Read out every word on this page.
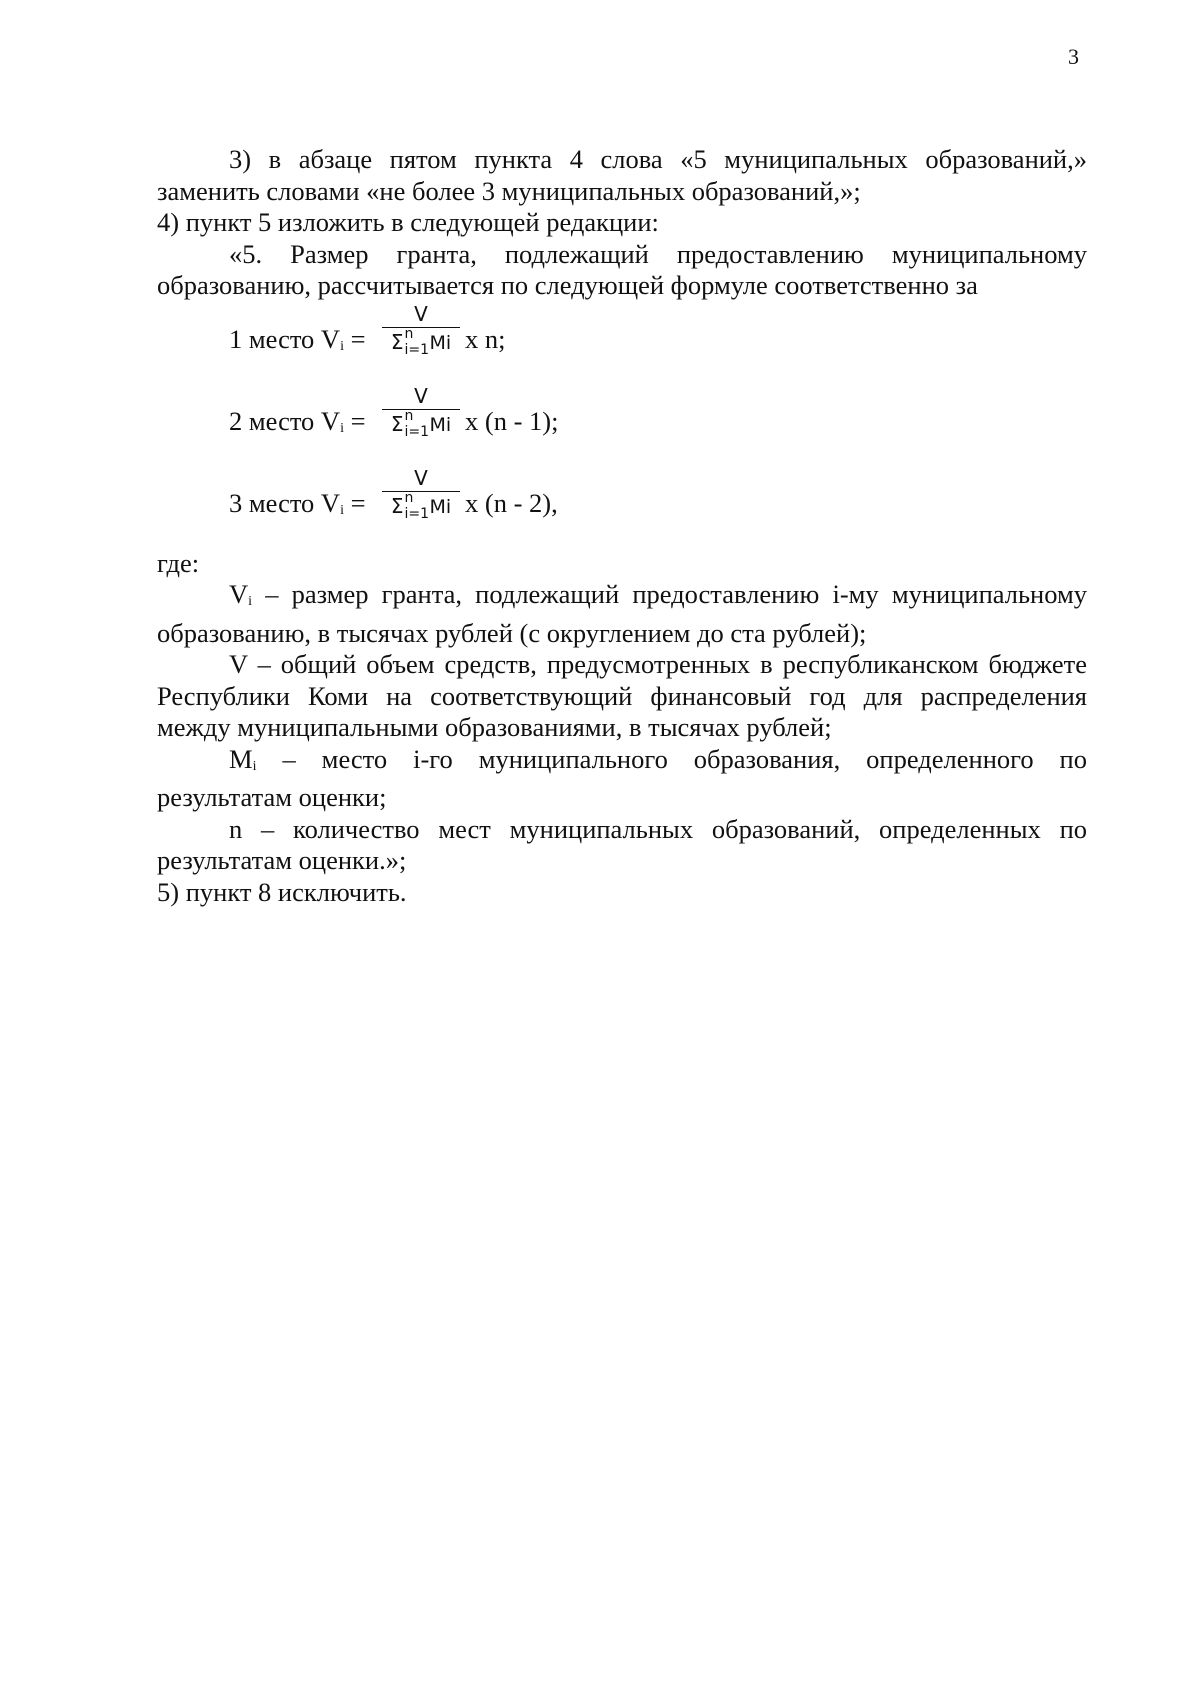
3

3) в абзаце пятом пункта 4 слова «5 муниципальных образований,» заменить словами «не более 3 муниципальных образований,»;

4) пункт 5 изложить в следующей редакции:

«5. Размер гранта, подлежащий предоставлению муниципальному образованию, рассчитывается по следующей формуле соответственно за

1 место Vi =
V
Σ n
i=1 Mi x n;
2 место Vi =
V
Σ n
i=1 Mi x (n - 1);
3 место Vi =
V
Σ n
i=1 Mi x (n - 2),

где:

Vi – размер гранта, подлежащий предоставлению i-му муниципальному образованию, в тысячах рублей (с округлением до ста рублей);

V – общий объем средств, предусмотренных в республиканском бюджете Республики Коми на соответствующий финансовый год для распределения между муниципальными образованиями, в тысячах рублей;

Mi – место i-го муниципального образования, определенного по результатам оценки;

n – количество мест муниципальных образований, определенных по результатам оценки.»;

5) пункт 8 исключить.
